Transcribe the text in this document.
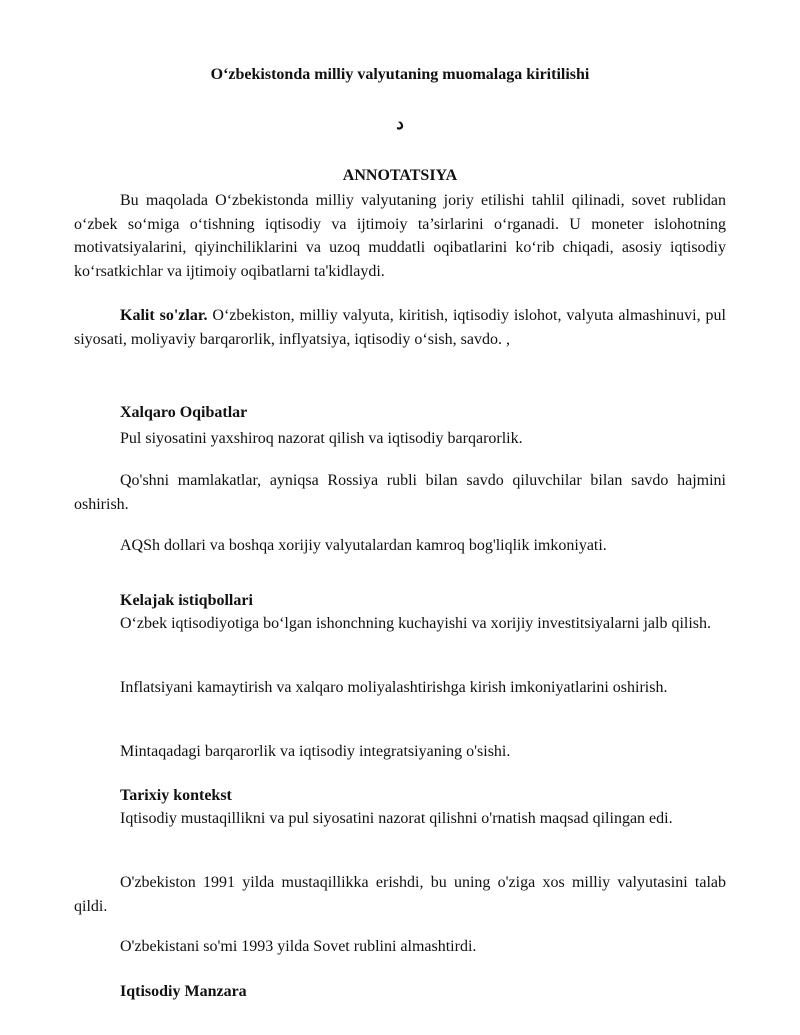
O‘zbekistonda milliy valyutaning muomalaga kiritilishi
د
ANNOTATSIYA

Bu maqolada O‘zbekistonda milliy valyutaning joriy etilishi tahlil qilinadi, sovet rublidan o‘zbek so‘miga o‘tishning iqtisodiy va ijtimoiy ta’sirlarini o‘rganadi. U moneter islohotning motivatsiyalarini, qiyinchiliklarini va uzoq muddatli oqibatlarini ko‘rib chiqadi, asosiy iqtisodiy ko‘rsatkichlar va ijtimoiy oqibatlarni ta'kidlaydi.

Kalit so'zlar. O‘zbekiston, milliy valyuta, kiritish, iqtisodiy islohot, valyuta almashinuvi, pul siyosati, moliyaviy barqarorlik, inflyatsiya, iqtisodiy o‘sish, savdo. ,

Xalqaro Oqibatlar

Pul siyosatini yaxshiroq nazorat qilish va iqtisodiy barqarorlik.

Qo'shni mamlakatlar, ayniqsa Rossiya rubli bilan savdo qiluvchilar bilan savdo hajmini oshirish.

AQSh dollari va boshqa xorijiy valyutalardan kamroq bog'liqlik imkoniyati.

Kelajak istiqbollari

O‘zbek iqtisodiyotiga bo‘lgan ishonchning kuchayishi va xorijiy investitsiyalarni jalb qilish.

Inflatsiyani kamaytirish va xalqaro moliyalashtirishga kirish imkoniyatlarini oshirish.

Mintaqadagi barqarorlik va iqtisodiy integratsiyaning o'sishi.

Tarixiy kontekst

Iqtisodiy mustaqillikni va pul siyosatini nazorat qilishni o'rnatish maqsad qilingan edi.

O'zbekiston 1991 yilda mustaqillikka erishdi, bu uning o'ziga xos milliy valyutasini talab qildi.

O'zbekistani so'mi 1993 yilda Sovet rublini almashtirdi.

Iqtisodiy Manzara
